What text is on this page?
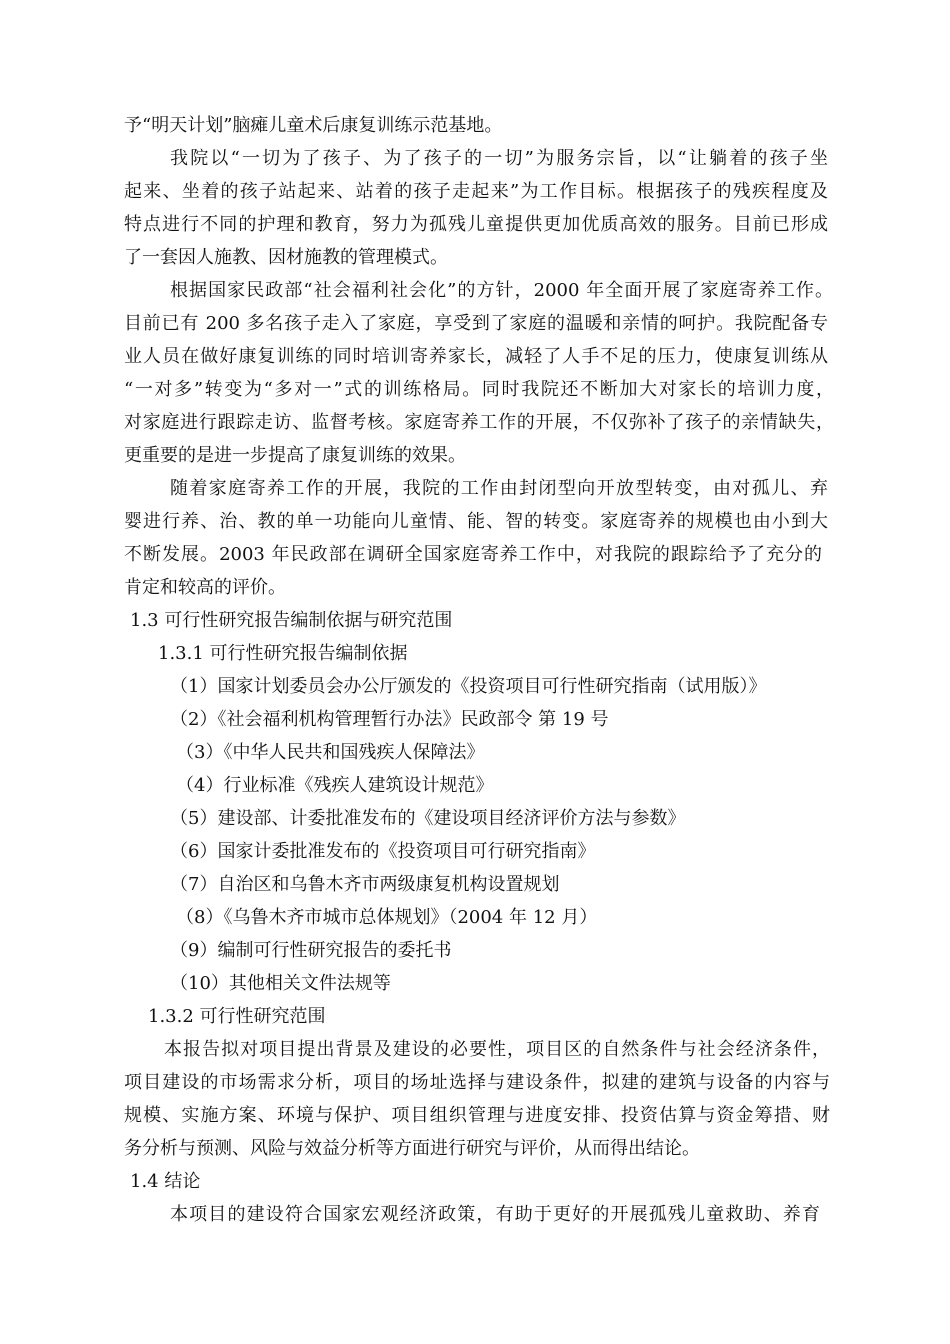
予“明天计划”脑瘫儿童术后康复训练示范基地。
我院以“一切为了孩子、为了孩子的一切”为服务宗旨，以“让躺着的孩子坐
起来、坐着的孩子站起来、站着的孩子走起来”为工作目标。根据孩子的残疾程度及
特点进行不同的护理和教育，努力为孤残儿童提供更加优质高效的服务。目前已形成
了一套因人施教、因材施教的管理模式。
根据国家民政部“社会福利社会化”的方针，2000 年全面开展了家庭寄养工作。
目前已有 200 多名孩子走入了家庭，享受到了家庭的温暖和亲情的呵护。我院配备专
业人员在做好康复训练的同时培训寄养家长，减轻了人手不足的压力，使康复训练从
“一对多”转变为“多对一”式的训练格局。同时我院还不断加大对家长的培训力度，
对家庭进行跟踪走访、监督考核。家庭寄养工作的开展，不仅弥补了孩子的亲情缺失，
更重要的是进一步提高了康复训练的效果。
随着家庭寄养工作的开展，我院的工作由封闭型向开放型转变，由对孤儿、弃
婴进行养、治、教的单一功能向儿童情、能、智的转变。家庭寄养的规模也由小到大
不断发展。2003 年民政部在调研全国家庭寄养工作中，对我院的跟踪给予了充分的
肯定和较高的评价。
1.3 可行性研究报告编制依据与研究范围
1.3.1 可行性研究报告编制依据
（1）国家计划委员会办公厅颁发的《投资项目可行性研究指南（试用版）》
（2）《社会福利机构管理暂行办法》民政部令 第 19 号
（3）《中华人民共和国残疾人保障法》
（4）行业标准《残疾人建筑设计规范》
（5）建设部、计委批准发布的《建设项目经济评价方法与参数》
（6）国家计委批准发布的《投资项目可行研究指南》
（7）自治区和乌鲁木齐市两级康复机构设置规划
（8）《乌鲁木齐市城市总体规划》（2004 年 12 月）
（9）编制可行性研究报告的委托书
（10）其他相关文件法规等
1.3.2 可行性研究范围
本报告拟对项目提出背景及建设的必要性，项目区的自然条件与社会经济条件，
项目建设的市场需求分析，项目的场址选择与建设条件，拟建的建筑与设备的内容与
规模、实施方案、环境与保护、项目组织管理与进度安排、投资估算与资金筹措、财
务分析与预测、风险与效益分析等方面进行研究与评价，从而得出结论。
1.4 结论
本项目的建设符合国家宏观经济政策，有助于更好的开展孤残儿童救助、养育
